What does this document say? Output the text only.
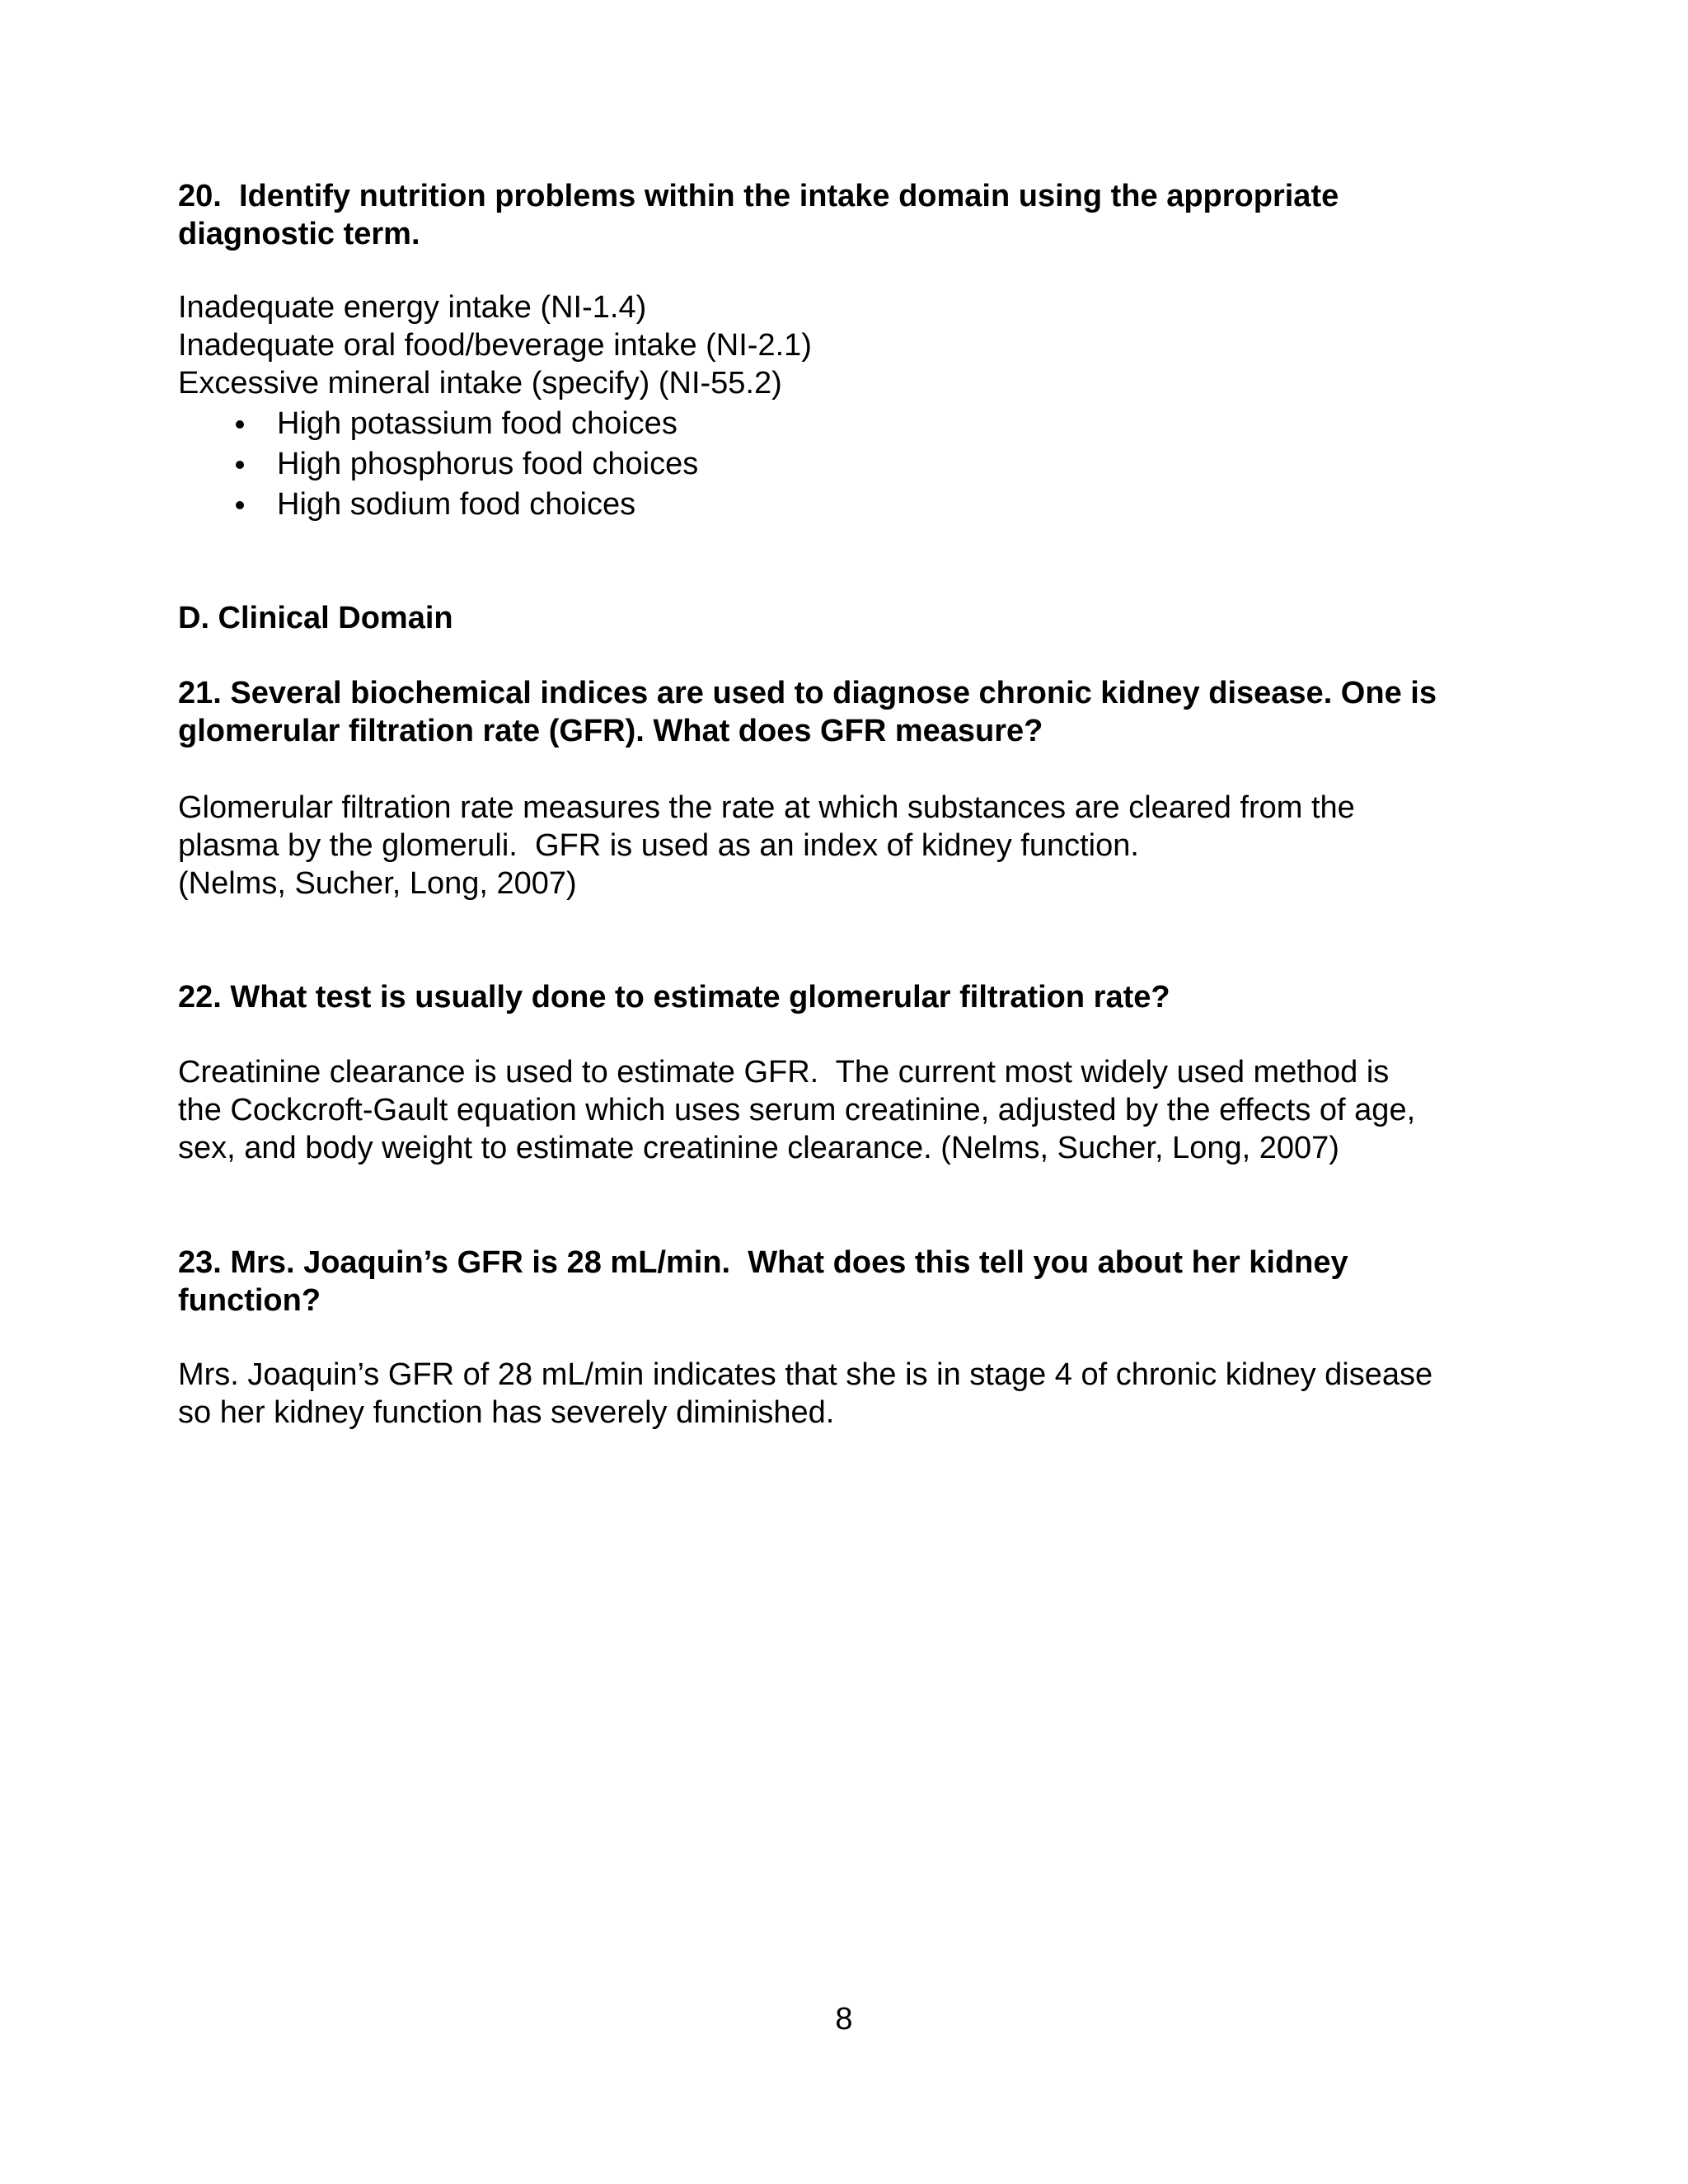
20.  Identify nutrition problems within the intake domain using the appropriate
diagnostic term.
Inadequate energy intake (NI-1.4)
Inadequate oral food/beverage intake (NI-2.1)
Excessive mineral intake (specify) (NI-55.2)
High potassium food choices
High phosphorus food choices
High sodium food choices
D. Clinical Domain
21. Several biochemical indices are used to diagnose chronic kidney disease. One is
glomerular filtration rate (GFR). What does GFR measure?
Glomerular filtration rate measures the rate at which substances are cleared from the
plasma by the glomeruli.  GFR is used as an index of kidney function.
(Nelms, Sucher, Long, 2007)
22. What test is usually done to estimate glomerular filtration rate?
Creatinine clearance is used to estimate GFR.  The current most widely used method is
the Cockcroft-Gault equation which uses serum creatinine, adjusted by the effects of age,
sex, and body weight to estimate creatinine clearance. (Nelms, Sucher, Long, 2007)
23. Mrs. Joaquin’s GFR is 28 mL/min.  What does this tell you about her kidney
function?
Mrs. Joaquin’s GFR of 28 mL/min indicates that she is in stage 4 of chronic kidney disease
so her kidney function has severely diminished.
8
